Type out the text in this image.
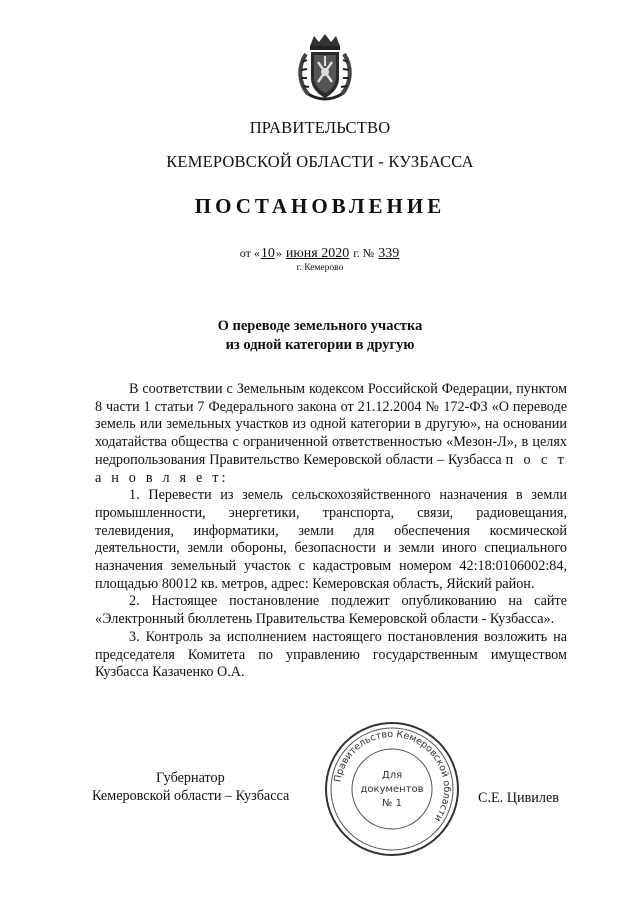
ПРАВИТЕЛЬСТВО
КЕМЕРОВСКОЙ ОБЛАСТИ - КУЗБАССА
ПОСТАНОВЛЕНИЕ
от «10» июня 2020 г. № 339
г. Кемерово
О переводе земельного участка
из одной категории в другую

В соответствии с Земельным кодексом Российской Федерации, пунктом 8 части 1 статьи 7 Федерального закона от 21.12.2004 № 172-ФЗ «О переводе земель или земельных участков из одной категории в другую», на основании ходатайства общества с ограниченной ответственностью «Мезон-Л», в целях недропользования Правительство Кемеровской области – Кузбасса п о с т а н о в л я е т:

1. Перевести из земель сельскохозяйственного назначения в земли промышленности, энергетики, транспорта, связи, радиовещания, телевидения, информатики, земли для обеспечения космической деятельности, земли обороны, безопасности и земли иного специального назначения земельный участок с кадастровым номером 42:18:0106002:84, площадью 80012 кв. метров, адрес: Кемеровская область, Яйский район.

2. Настоящее постановление подлежит опубликованию на сайте «Электронный бюллетень Правительства Кемеровской области - Кузбасса».

3. Контроль за исполнением настоящего постановления возложить на председателя Комитета по управлению государственным имуществом Кузбасса Казаченко О.А.

Губернатор
Кемеровской области – Кузбасса
Правительство Кемеровской области
Для
документов
№ 1	С.Е. Цивилев
